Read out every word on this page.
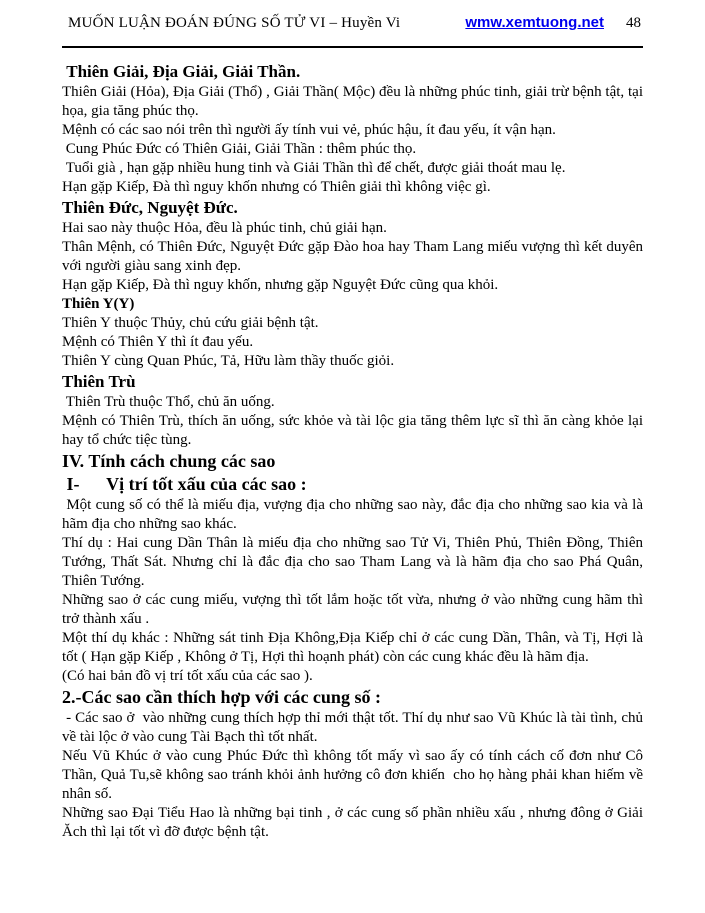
MUỐN LUẬN ĐOÁN ĐÚNG SỐ TỬ VI – Huyền Vi	wmw.xemtuong.net 48
Thiên Giải, Địa Giải, Giải Thần.

Thiên Giải (Hỏa), Địa Giải (Thổ) , Giải Thần( Mộc) đều là những phúc tinh, giải trừ bệnh tật, tại họa, gia tăng phúc thọ.

Mệnh có các sao nói trên thì người ấy tính vui vẻ, phúc hậu, ít đau yếu, ít vận hạn.

Cung Phúc Đức có Thiên Giải, Giải Thần : thêm phúc thọ.

Tuổi già , hạn gặp nhiều hung tinh và Giải Thần thì để chết, được giải thoát mau lẹ.

Hạn gặp Kiếp, Đà thì nguy khốn nhưng có Thiên giải thì không việc gì.

Thiên Đức, Nguyệt Đức.

Hai sao này thuộc Hỏa, đều là phúc tinh, chủ giải hạn.

Thân Mệnh, có Thiên Đức, Nguyệt Đức gặp Đào hoa hay Tham Lang miếu vượng thì kết duyên với người giàu sang xinh đẹp.

Hạn gặp Kiếp, Đà thì nguy khốn, nhưng gặp Nguyệt Đức cũng qua khỏi.

Thiên Y(Y)

Thiên Y thuộc Thủy, chủ cứu giải bệnh tật.

Mệnh có Thiên Y thì ít đau yếu.

Thiên Y cùng Quan Phúc, Tả, Hữu làm thầy thuốc giỏi.

Thiên Trù

Thiên Trù thuộc Thổ, chủ ăn uống.

Mệnh có Thiên Trù, thích ăn uống, sức khỏe và tài lộc gia tăng thêm lực sĩ thì ăn càng khỏe lại hay tổ chức tiệc tùng.

IV. Tính cách chung các sao
I-      Vị trí tốt xấu của các sao :

Một cung số có thể là miếu địa, vượng địa cho những sao này, đắc địa cho những sao kia và là hãm địa cho những sao khác.

Thí dụ : Hai cung Dần Thân là miếu địa cho những sao Tử Vi, Thiên Phủ, Thiên Đồng, Thiên Tướng, Thất Sát. Nhưng chỉ là đắc địa cho sao Tham Lang và là hãm địa cho sao Phá Quân, Thiên Tướng.

Những sao ở các cung miếu, vượng thì tốt lắm hoặc tốt vừa, nhưng ở vào những cung hãm thì trở thành xấu .

Một thí dụ khác : Những sát tinh Địa Không,Địa Kiếp chỉ ở các cung Dần, Thân, và Tị, Hợi là tốt ( Hạn gặp Kiếp , Không ở Tị, Hợi thì hoạnh phát) còn các cung khác đều là hãm địa.

(Có hai bản đồ vị trí tốt xấu của các sao ).

2.-Các sao cần thích hợp với các cung số :

- Các sao ở  vào những cung thích hợp thỉ mới thật tốt. Thí dụ như sao Vũ Khúc là tài tình, chủ về tài lộc ở vào cung Tài Bạch thì tốt nhất.

Nếu Vũ Khúc ở vào cung Phúc Đức thì không tốt mấy vì sao ấy có tính cách cố đơn như Cô Thần, Quả Tu,sẽ không sao tránh khỏi ảnh hưởng cô đơn khiến  cho họ hàng phải khan hiếm về nhân số.

Những sao Đại Tiểu Hao là những bại tinh , ở các cung số phần nhiều xấu , nhưng đông ở Giải Ăch thì lại tốt vì đỡ được bệnh tật.
